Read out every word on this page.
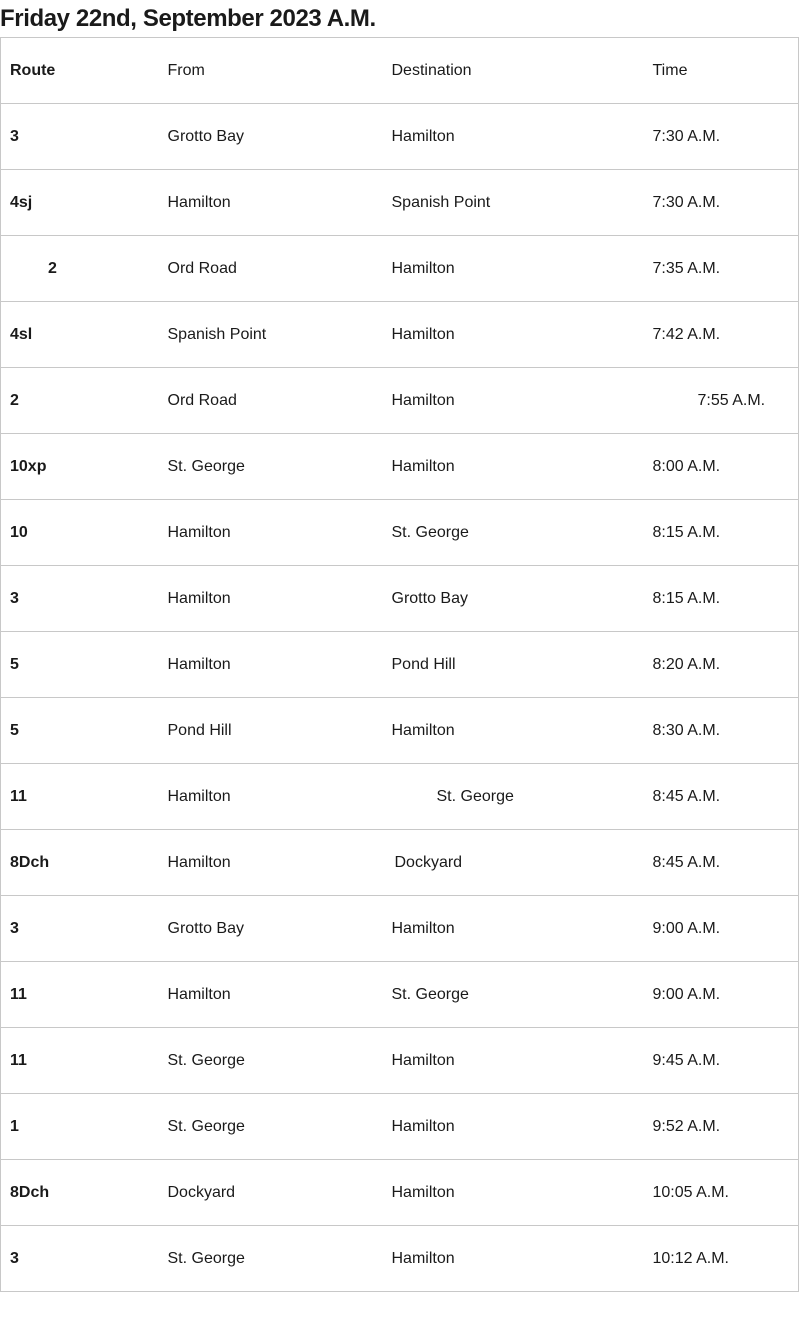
Friday 22nd, September 2023 A.M.
Route	From	Destination	Time
3	Grotto Bay	Hamilton	7:30 A.M.
4sj	Hamilton	Spanish Point	7:30 A.M.
2	Ord Road	Hamilton	7:35 A.M.
4sl	Spanish Point	Hamilton	7:42 A.M.
2	Ord Road	Hamilton	7:55 A.M.
10xp	St. George	Hamilton	8:00 A.M.
10	Hamilton	St. George	8:15 A.M.
3	Hamilton	Grotto Bay	8:15 A.M.
5	Hamilton	Pond Hill	8:20 A.M.
5	Pond Hill	Hamilton	8:30 A.M.
11	Hamilton	St. George	8:45 A.M.
8Dch	Hamilton	Dockyard	8:45 A.M.
3	Grotto Bay	Hamilton	9:00 A.M.
11	Hamilton	St. George	9:00 A.M.
11	St. George	Hamilton	9:45 A.M.
1	St. George	Hamilton	9:52 A.M.
8Dch	Dockyard	Hamilton	10:05 A.M.
3	St. George	Hamilton	10:12 A.M.
